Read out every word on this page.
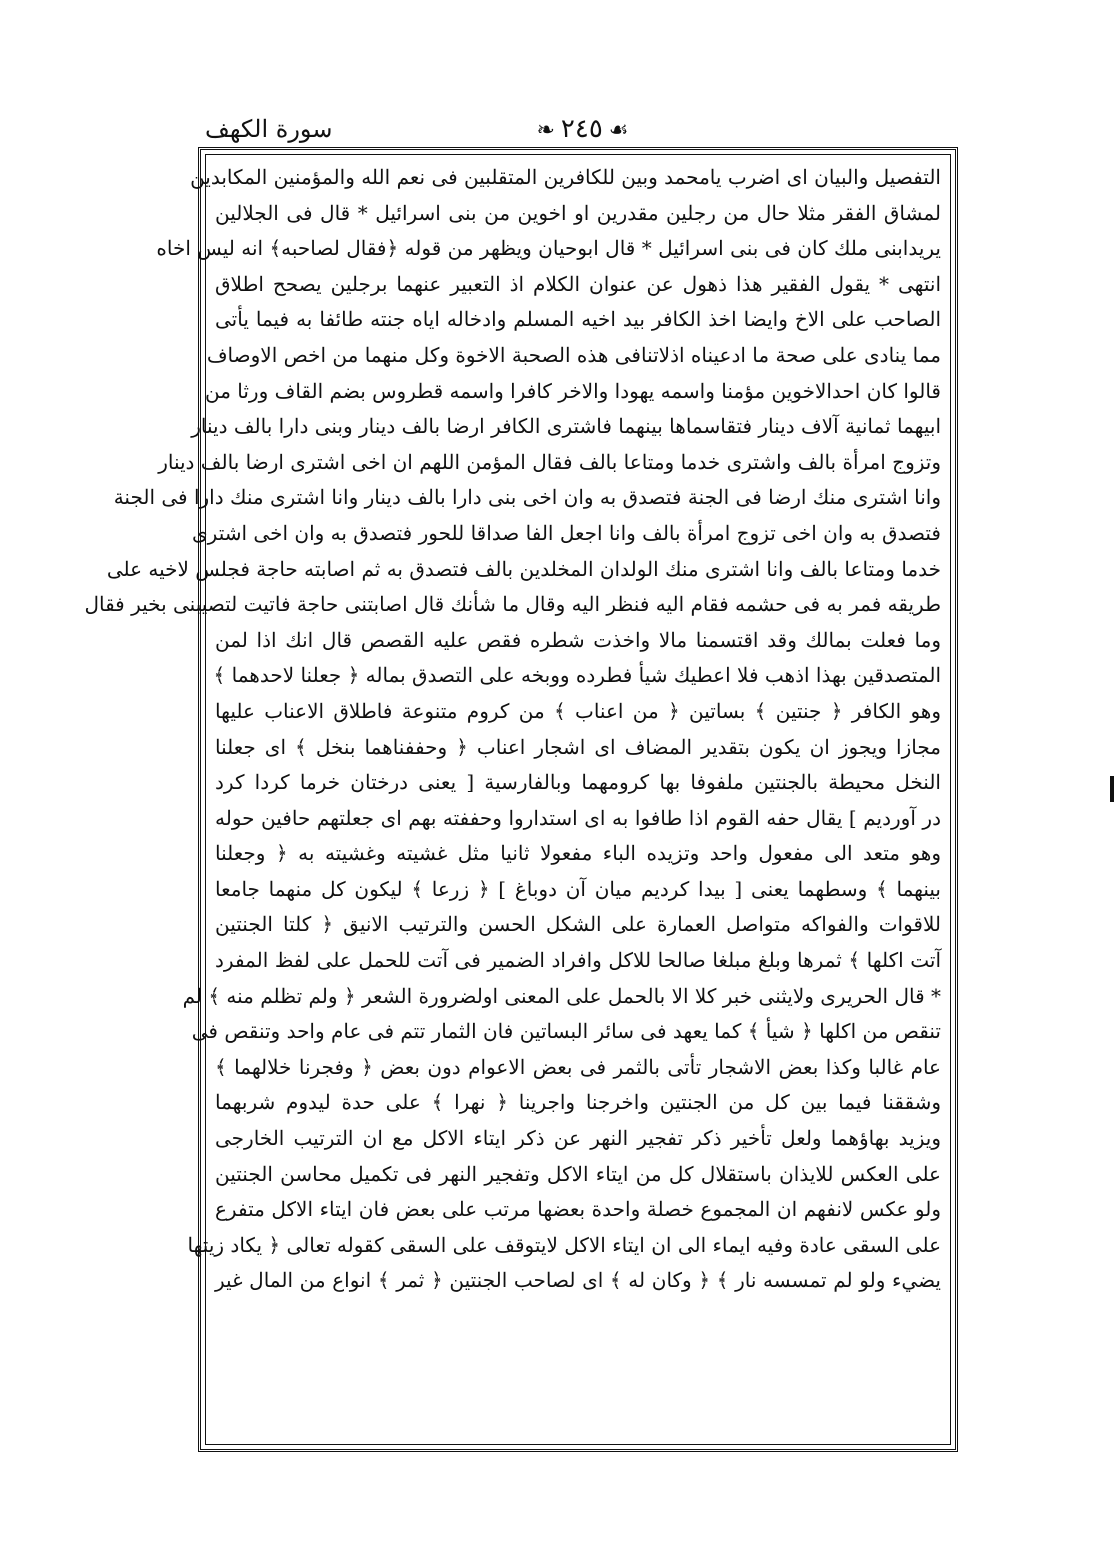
❧ ٢٤٥ ☙
سورة الكهف
التفصيل والبيان اى اضرب يامحمد وبين للكافرين المتقلبين فى نعم الله والمؤمنين المكابدين
لمشاق الفقر مثلا حال من رجلين مقدرين او اخوين من بنى اسرائيل * قال فى الجلالين
يريدابنى ملك كان فى بنى اسرائيل * قال ابوحيان ويظهر من قوله ﴿فقال لصاحبه﴾ انه ليس اخاه
انتهى * يقول الفقير هذا ذهول عن عنوان الكلام اذ التعبير عنهما برجلين يصحح اطلاق
الصاحب على الاخ وايضا اخذ الكافر بيد اخيه المسلم وادخاله اياه جنته طائفا به فيما يأتى
مما ينادى على صحة ما ادعيناه اذلاتنافى هذه الصحبة الاخوة وكل منهما من اخص الاوصاف
قالوا كان احدالاخوين مؤمنا واسمه يهودا والاخر كافرا واسمه قطروس بضم القاف ورثا من
ابيهما ثمانية آلاف دينار فتقاسماها بينهما فاشترى الكافر ارضا بالف دينار وبنى دارا بالف دينار
وتزوج امرأة بالف واشترى خدما ومتاعا بالف فقال المؤمن اللهم ان اخى اشترى ارضا بالف دينار
وانا اشترى منك ارضا فى الجنة فتصدق به وان اخى بنى دارا بالف دينار وانا اشترى منك دارا فى الجنة
فتصدق به وان اخى تزوج امرأة بالف وانا اجعل الفا صداقا للحور فتصدق به وان اخى اشترى
خدما ومتاعا بالف وانا اشترى منك الولدان المخلدين بالف فتصدق به ثم اصابته حاجة فجلس لاخيه على
طريقه فمر به فى حشمه فقام اليه فنظر اليه وقال ما شأنك قال اصابتنى حاجة فاتيت لتصيبنى بخير فقال
وما فعلت بمالك وقد اقتسمنا مالا واخذت شطره فقص عليه القصص قال انك اذا لمن
المتصدقين بهذا اذهب فلا اعطيك شيأ فطرده ووبخه على التصدق بماله ﴿ جعلنا لاحدهما ﴾
وهو الكافر ﴿ جنتين ﴾ بساتين ﴿ من اعناب ﴾ من كروم متنوعة فاطلاق الاعناب عليها
مجازا ويجوز ان يكون بتقدير المضاف اى اشجار اعناب ﴿ وحففناهما بنخل ﴾ اى جعلنا
النخل محيطة بالجنتين ملفوفا بها كرومهما وبالفارسية [ يعنى درختان خرما كردا كرد
در آورديم ] يقال حفه القوم اذا طافوا به اى استداروا وحففته بهم اى جعلتهم حافين حوله
وهو متعد الى مفعول واحد وتزيده الباء مفعولا ثانيا مثل غشيته وغشيته به ﴿ وجعلنا
بينهما ﴾ وسطهما يعنى [ بيدا كرديم ميان آن دوباغ ] ﴿ زرعا ﴾ ليكون كل منهما جامعا
للاقوات والفواكه متواصل العمارة على الشكل الحسن والترتيب الانيق ﴿ كلتا الجنتين
آتت اكلها ﴾ ثمرها وبلغ مبلغا صالحا للاكل وافراد الضمير فى آتت للحمل على لفظ المفرد
* قال الحريرى ولايثنى خبر كلا الا بالحمل على المعنى اولضرورة الشعر ﴿ ولم تظلم منه ﴾ لم
تنقص من اكلها ﴿ شيأ ﴾ كما يعهد فى سائر البساتين فان الثمار تتم فى عام واحد وتنقص فى
عام غالبا وكذا بعض الاشجار تأتى بالثمر فى بعض الاعوام دون بعض ﴿ وفجرنا خلالهما ﴾
وشققنا فيما بين كل من الجنتين واخرجنا واجرينا ﴿ نهرا ﴾ على حدة ليدوم شربهما
ويزيد بهاؤهما ولعل تأخير ذكر تفجير النهر عن ذكر ايتاء الاكل مع ان الترتيب الخارجى
على العكس للايذان باستقلال كل من ايتاء الاكل وتفجير النهر فى تكميل محاسن الجنتين
ولو عكس لانفهم ان المجموع خصلة واحدة بعضها مرتب على بعض فان ايتاء الاكل متفرع
على السقى عادة وفيه ايماء الى ان ايتاء الاكل لايتوقف على السقى كقوله تعالى ﴿ يكاد زيتها
يضيء ولو لم تمسسه نار ﴾ ﴿ وكان له ﴾ اى لصاحب الجنتين ﴿ ثمر ﴾ انواع من المال غير
